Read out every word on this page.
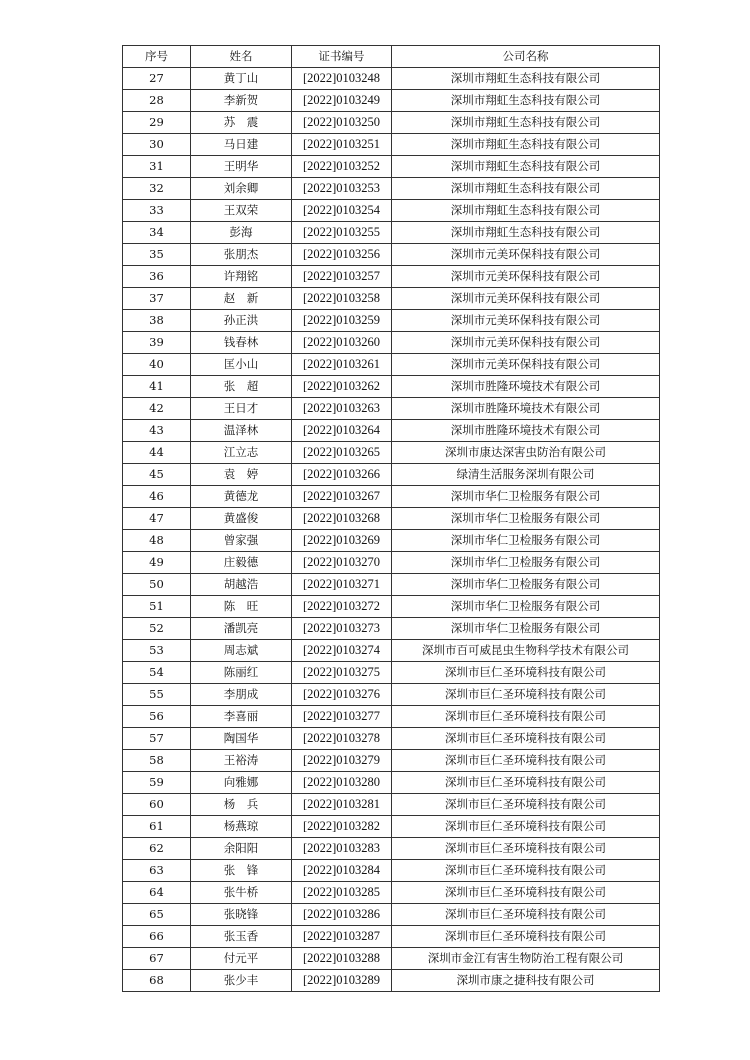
序号	姓名	证书编号	公司名称
27	黄丁山	[2022]0103248	深圳市翔虹生态科技有限公司
28	李新贺	[2022]0103249	深圳市翔虹生态科技有限公司
29	苏　震	[2022]0103250	深圳市翔虹生态科技有限公司
30	马日建	[2022]0103251	深圳市翔虹生态科技有限公司
31	王明华	[2022]0103252	深圳市翔虹生态科技有限公司
32	刘余卿	[2022]0103253	深圳市翔虹生态科技有限公司
33	王双荣	[2022]0103254	深圳市翔虹生态科技有限公司
34	彭海	[2022]0103255	深圳市翔虹生态科技有限公司
35	张朋杰	[2022]0103256	深圳市元美环保科技有限公司
36	许翔铭	[2022]0103257	深圳市元美环保科技有限公司
37	赵　新	[2022]0103258	深圳市元美环保科技有限公司
38	孙正洪	[2022]0103259	深圳市元美环保科技有限公司
39	钱春林	[2022]0103260	深圳市元美环保科技有限公司
40	匡小山	[2022]0103261	深圳市元美环保科技有限公司
41	张　超	[2022]0103262	深圳市胜隆环境技术有限公司
42	王日才	[2022]0103263	深圳市胜隆环境技术有限公司
43	温泽林	[2022]0103264	深圳市胜隆环境技术有限公司
44	江立志	[2022]0103265	深圳市康达深害虫防治有限公司
45	袁　婷	[2022]0103266	绿清生活服务深圳有限公司
46	黄德龙	[2022]0103267	深圳市华仁卫检服务有限公司
47	黄盛俊	[2022]0103268	深圳市华仁卫检服务有限公司
48	曾家强	[2022]0103269	深圳市华仁卫检服务有限公司
49	庄毅德	[2022]0103270	深圳市华仁卫检服务有限公司
50	胡越浩	[2022]0103271	深圳市华仁卫检服务有限公司
51	陈　旺	[2022]0103272	深圳市华仁卫检服务有限公司
52	潘凯亮	[2022]0103273	深圳市华仁卫检服务有限公司
53	周志斌	[2022]0103274	深圳市百可威昆虫生物科学技术有限公司
54	陈丽红	[2022]0103275	深圳市巨仁圣环境科技有限公司
55	李朋成	[2022]0103276	深圳市巨仁圣环境科技有限公司
56	李喜丽	[2022]0103277	深圳市巨仁圣环境科技有限公司
57	陶国华	[2022]0103278	深圳市巨仁圣环境科技有限公司
58	王裕涛	[2022]0103279	深圳市巨仁圣环境科技有限公司
59	向雅娜	[2022]0103280	深圳市巨仁圣环境科技有限公司
60	杨　兵	[2022]0103281	深圳市巨仁圣环境科技有限公司
61	杨燕琼	[2022]0103282	深圳市巨仁圣环境科技有限公司
62	余阳阳	[2022]0103283	深圳市巨仁圣环境科技有限公司
63	张　锋	[2022]0103284	深圳市巨仁圣环境科技有限公司
64	张牛桥	[2022]0103285	深圳市巨仁圣环境科技有限公司
65	张晓锋	[2022]0103286	深圳市巨仁圣环境科技有限公司
66	张玉香	[2022]0103287	深圳市巨仁圣环境科技有限公司
67	付元平	[2022]0103288	深圳市金江有害生物防治工程有限公司
68	张少丰	[2022]0103289	深圳市康之捷科技有限公司
